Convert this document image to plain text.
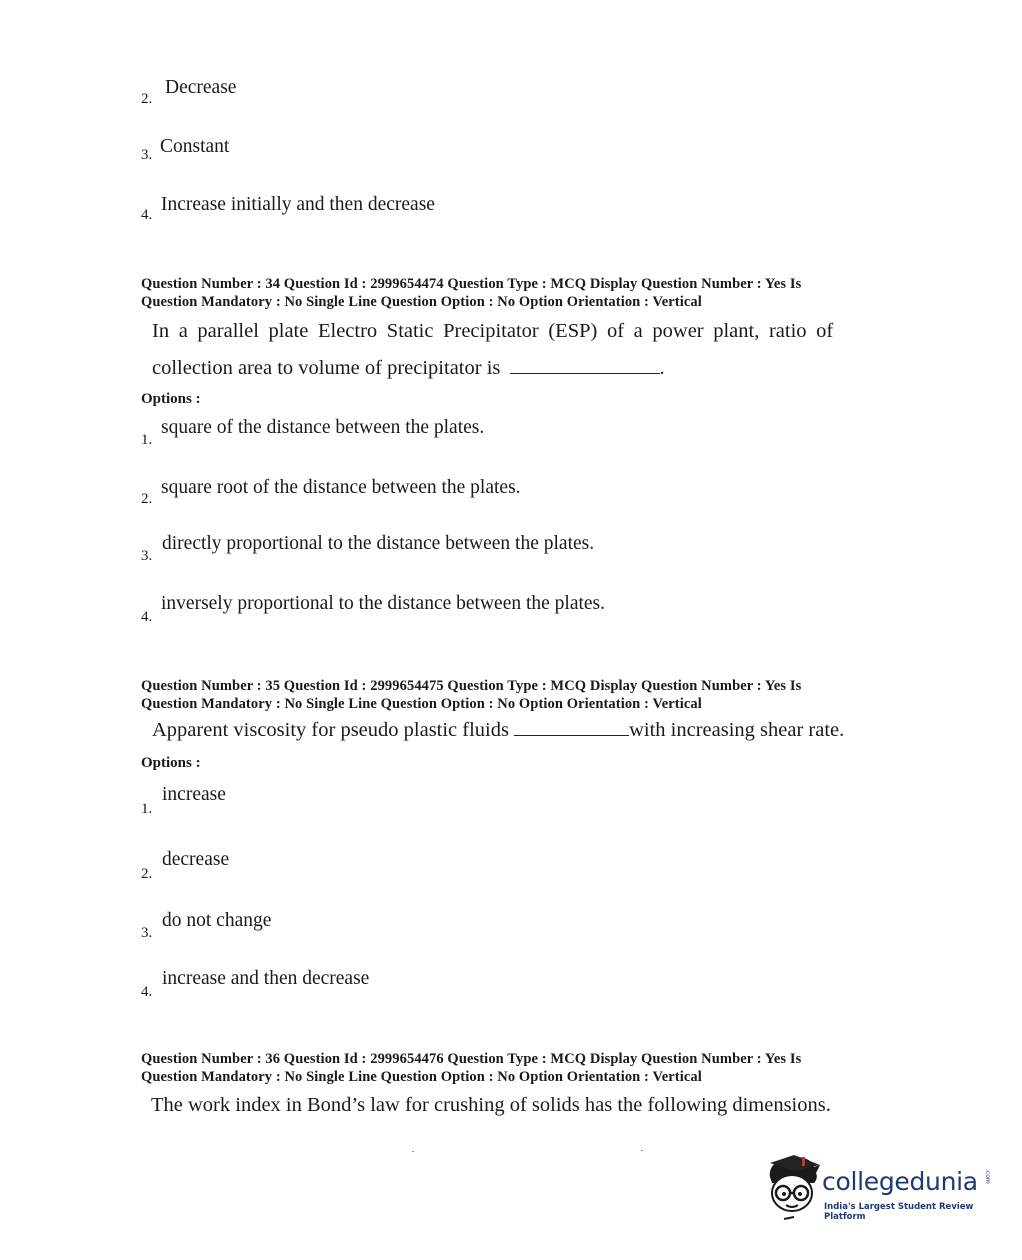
2.
Decrease
3. Constant
4. Increase initially and then decrease
Question Number : 34 Question Id : 2999654474 Question Type : MCQ Display Question Number : Yes Is
Question Mandatory : No Single Line Question Option : No Option Orientation : Vertical
In a parallel plate Electro Static Precipitator (ESP) of a power plant, ratio of
collection area to volume of precipitator is	.
Options :
1.
square of the distance between the plates.
2.
square root of the distance between the plates.
3.
directly proportional to the distance between the plates.
4.
inversely proportional to the distance between the plates.
Question Number : 35 Question Id : 2999654475 Question Type : MCQ Display Question Number : Yes Is
Question Mandatory : No Single Line Question Option : No Option Orientation : Vertical
Apparent viscosity for pseudo plastic fluids	with increasing shear rate.
Options :
1.
increase
2.
decrease
3.
do not change
4.
increase and then decrease
Question Number : 36 Question Id : 2999654476 Question Type : MCQ Display Question Number : Yes Is
Question Mandatory : No Single Line Question Option : No Option Orientation : Vertical
The work index in Bond’s law for crushing of solids has the following dimensions.
collegedunia .com
India's Largest Student Review Platform
